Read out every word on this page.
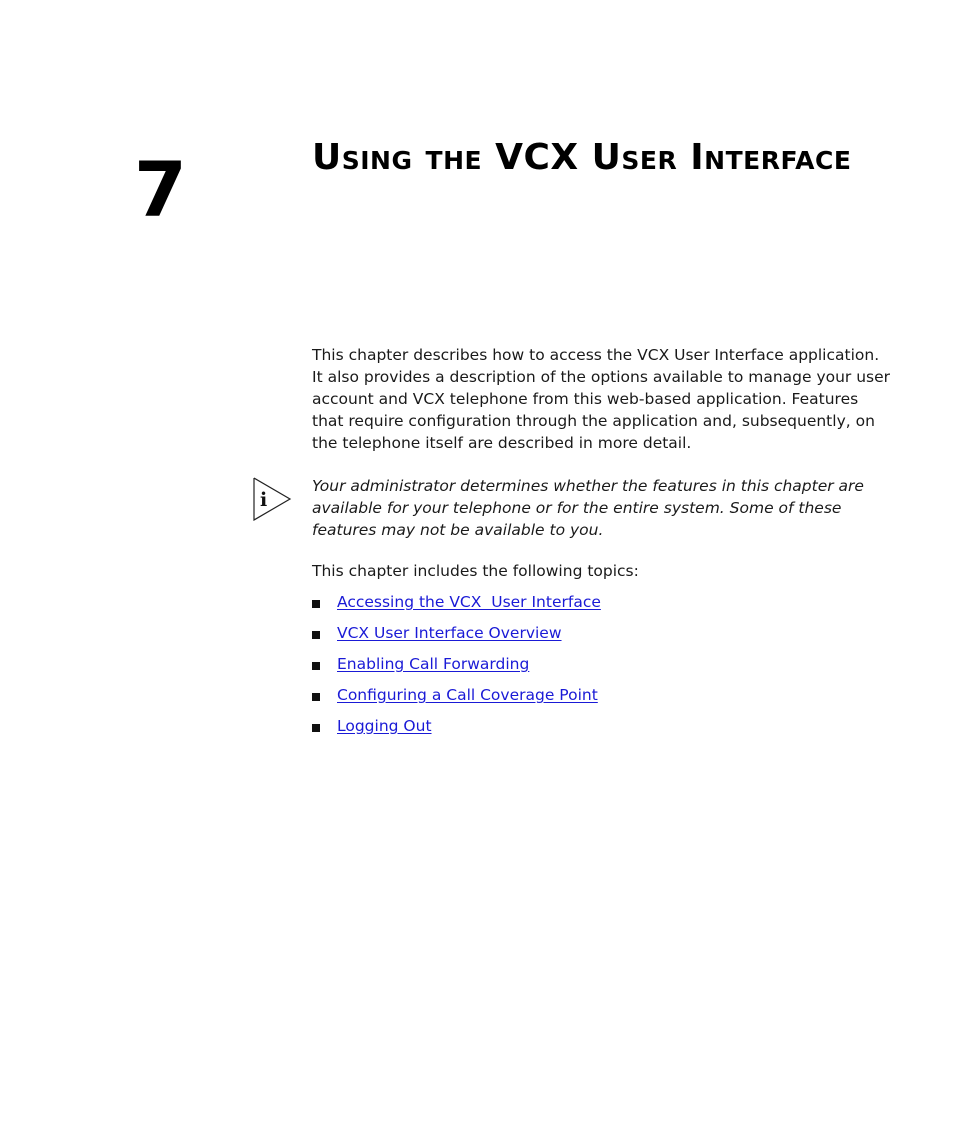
7	Using the VCX User Interface

This chapter describes how to access the VCX User Interface application. It also provides a description of the options available to manage your user account and VCX telephone from this web-based application. Features that require configuration through the application and, subsequently, on the telephone itself are described in more detail.

i

Your administrator determines whether the features in this chapter are available for your telephone or for the entire system. Some of these features may not be available to you.

This chapter includes the following topics:

Accessing the VCX  User Interface
VCX User Interface Overview
Enabling Call Forwarding
Configuring a Call Coverage Point
Logging Out
